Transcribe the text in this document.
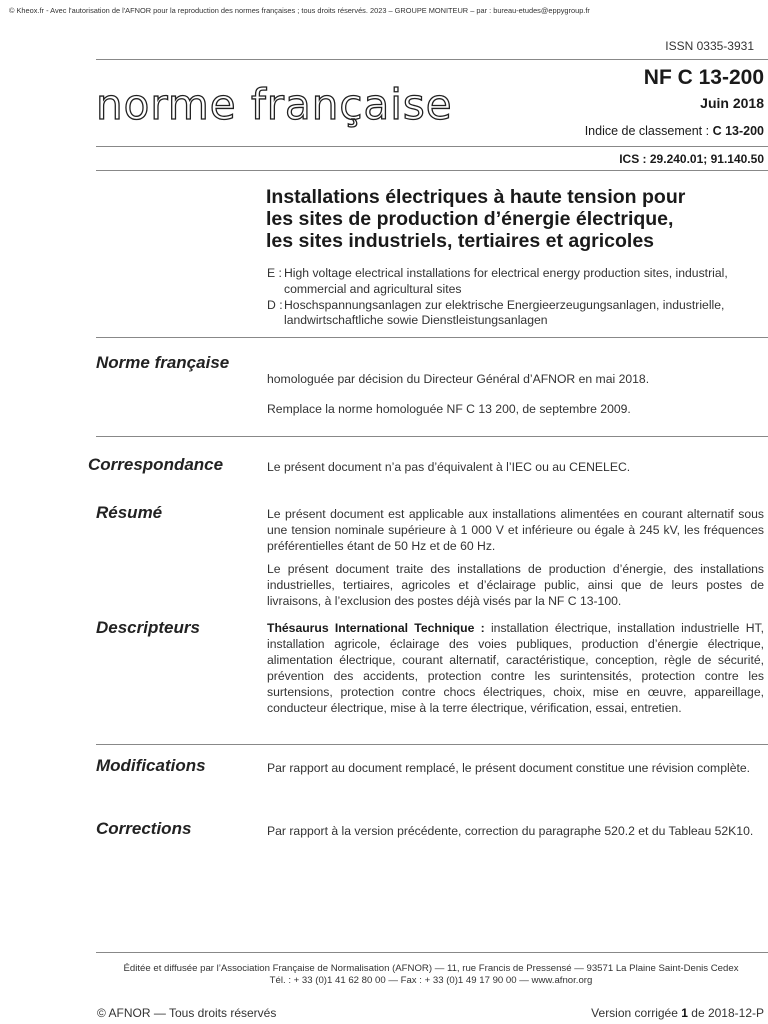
© Kheox.fr - Avec l'autorisation de l'AFNOR pour la reproduction des normes françaises ; tous droits réservés. 2023 – GROUPE MONITEUR – par : bureau-etudes@eppygroup.fr
ISSN 0335-3931
norme française
NF C 13-200
Juin 2018
Indice de classement : C 13-200
ICS : 29.240.01; 91.140.50
Installations électriques à haute tension pour
les sites de production d’énergie électrique,
les sites industriels, tertiaires et agricoles
E : High voltage electrical installations for electrical energy production sites, industrial, commercial and agricultural sites
D : Hoschspannungsanlagen zur elektrische Energieerzeugungsanlagen, industrielle, landwirtschaftliche sowie Dienstleistungsanlagen
Norme française

homologuée par décision du Directeur Général d’AFNOR en mai 2018.

Remplace la norme homologuée NF C 13 200, de septembre 2009.

Correspondance	Le présent document n’a pas d’équivalent à l’IEC ou au CENELEC.

Résumé	Le présent document est applicable aux installations alimentées en courant alternatif sous une tension nominale supérieure à 1 000 V et inférieure ou égale à 245 kV, les fréquences préférentielles étant de 50 Hz et de 60 Hz.

Le présent document traite des installations de production d’énergie, des installations industrielles, tertiaires, agricoles et d’éclairage public, ainsi que de leurs postes de livraisons, à l’exclusion des postes déjà visés par la NF C 13-100.

Descripteurs	Thésaurus International Technique : installation électrique, installation industrielle HT, installation agricole, éclairage des voies publiques, production d’énergie électrique, alimentation électrique, courant alternatif, caractéristique, conception, règle de sécurité, prévention des accidents, protection contre les surintensités, protection contre les surtensions, protection contre chocs électriques, choix, mise en œuvre, appareillage, conducteur électrique, mise à la terre électrique, vérification, essai, entretien.

Modifications	Par rapport au document remplacé, le présent document constitue une révision complète.

Corrections	Par rapport à la version précédente, correction du paragraphe 520.2 et du Tableau 52K10.

Éditée et diffusée par l’Association Française de Normalisation (AFNOR) — 11, rue Francis de Pressensé — 93571 La Plaine Saint-Denis Cedex
Tél. : + 33 (0)1 41 62 80 00 — Fax : + 33 (0)1 49 17 90 00 — www.afnor.org
© AFNOR — Tous droits réservés	Version corrigée 1 de 2018-12-P
